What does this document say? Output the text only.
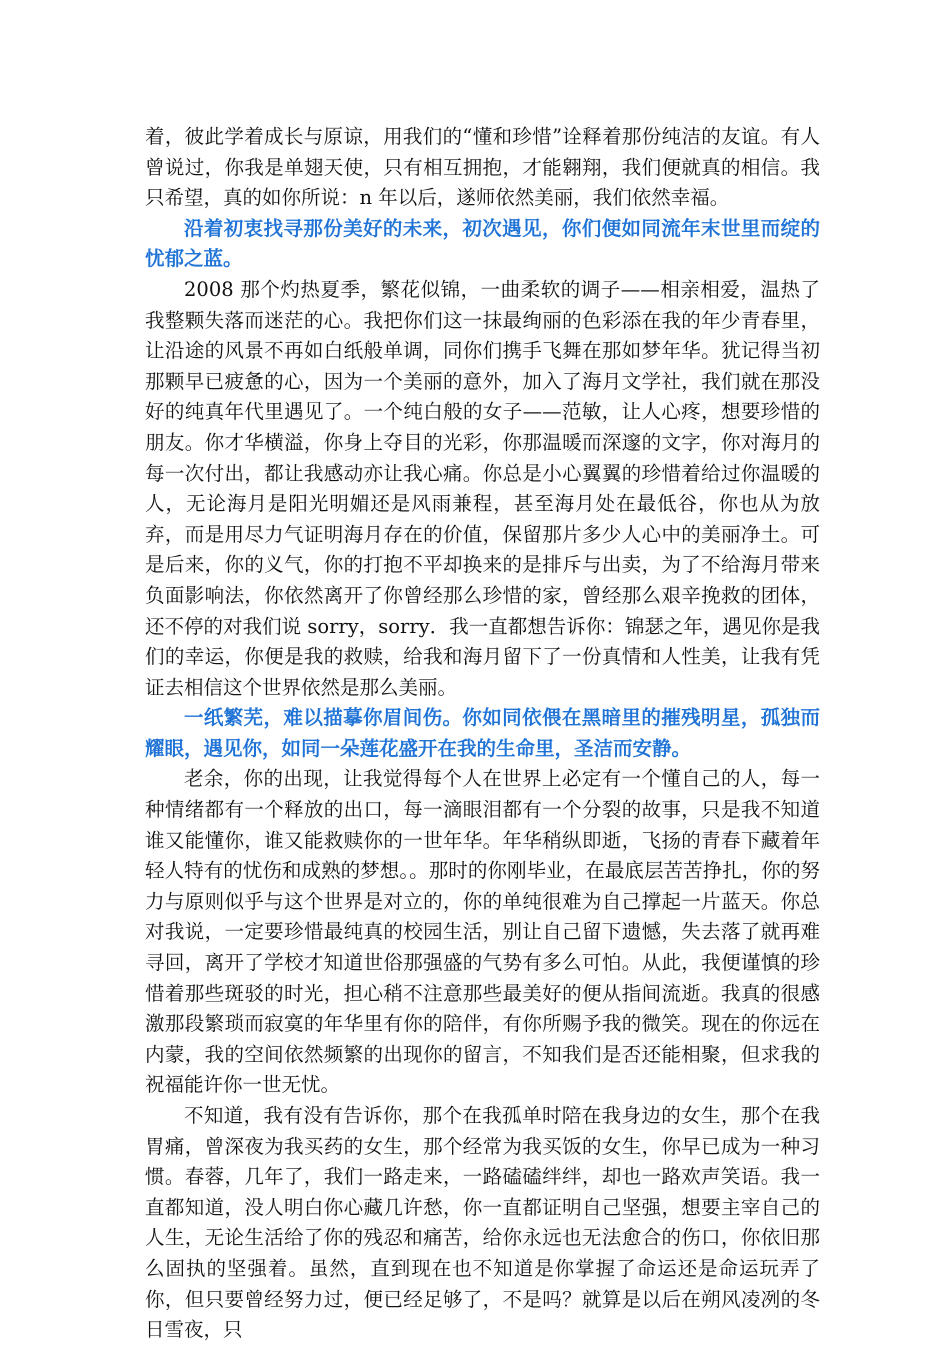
着，彼此学着成长与原谅，用我们的“懂和珍惜”诠释着那份纯洁的友谊。有人曾说过，你我是单翅天使，只有相互拥抱，才能翱翔，我们便就真的相信。我只希望，真的如你所说：n 年以后，遂师依然美丽，我们依然幸福。

沿着初衷找寻那份美好的未来，初次遇见，你们便如同流年末世里而绽的忧郁之蓝。

2008 那个灼热夏季，繁花似锦，一曲柔软的调子——相亲相爱，温热了我整颗失落而迷茫的心。我把你们这一抹最绚丽的色彩添在我的年少青春里，让沿途的风景不再如白纸般单调，同你们携手飞舞在那如梦年华。犹记得当初那颗早已疲惫的心，因为一个美丽的意外，加入了海月文学社，我们就在那没好的纯真年代里遇见了。一个纯白般的女子——范敏，让人心疼，想要珍惜的朋友。你才华横溢，你身上夺目的光彩，你那温暖而深邃的文字，你对海月的每一次付出，都让我感动亦让我心痛。你总是小心翼翼的珍惜着给过你温暖的人，无论海月是阳光明媚还是风雨兼程，甚至海月处在最低谷，你也从为放弃，而是用尽力气证明海月存在的价值，保留那片多少人心中的美丽净土。可是后来，你的义气，你的打抱不平却换来的是排斥与出卖，为了不给海月带来负面影响法，你依然离开了你曾经那么珍惜的家，曾经那么艰辛挽救的团体，还不停的对我们说 sorry，sorry．我一直都想告诉你：锦瑟之年，遇见你是我们的幸运，你便是我的救赎，给我和海月留下了一份真情和人性美，让我有凭证去相信这个世界依然是那么美丽。

一纸繁芜，难以描摹你眉间伤。你如同依偎在黑暗里的摧残明星，孤独而耀眼，遇见你，如同一朵莲花盛开在我的生命里，圣洁而安静。

老余，你的出现，让我觉得每个人在世界上必定有一个懂自己的人，每一种情绪都有一个释放的出口，每一滴眼泪都有一个分裂的故事，只是我不知道谁又能懂你，谁又能救赎你的一世年华。年华稍纵即逝，飞扬的青春下藏着年轻人特有的忧伤和成熟的梦想。。那时的你刚毕业，在最底层苦苦挣扎，你的努力与原则似乎与这个世界是对立的，你的单纯很难为自己撑起一片蓝天。你总对我说，一定要珍惜最纯真的校园生活，别让自己留下遗憾，失去落了就再难寻回，离开了学校才知道世俗那强盛的气势有多么可怕。从此，我便谨慎的珍惜着那些斑驳的时光，担心稍不注意那些最美好的便从指间流逝。我真的很感激那段繁琐而寂寞的年华里有你的陪伴，有你所赐予我的微笑。现在的你远在内蒙，我的空间依然频繁的出现你的留言，不知我们是否还能相聚，但求我的祝福能许你一世无忧。

不知道，我有没有告诉你，那个在我孤单时陪在我身边的女生，那个在我胃痛，曾深夜为我买药的女生，那个经常为我买饭的女生，你早已成为一种习惯。春蓉，几年了，我们一路走来，一路磕磕绊绊，却也一路欢声笑语。我一直都知道，没人明白你心藏几许愁，你一直都证明自己坚强，想要主宰自己的人生，无论生活给了你的残忍和痛苦，给你永远也无法愈合的伤口，你依旧那么固执的坚强着。虽然，直到现在也不知道是你掌握了命运还是命运玩弄了你，但只要曾经努力过，便已经足够了，不是吗？就算是以后在朔风凌冽的冬日雪夜，只
